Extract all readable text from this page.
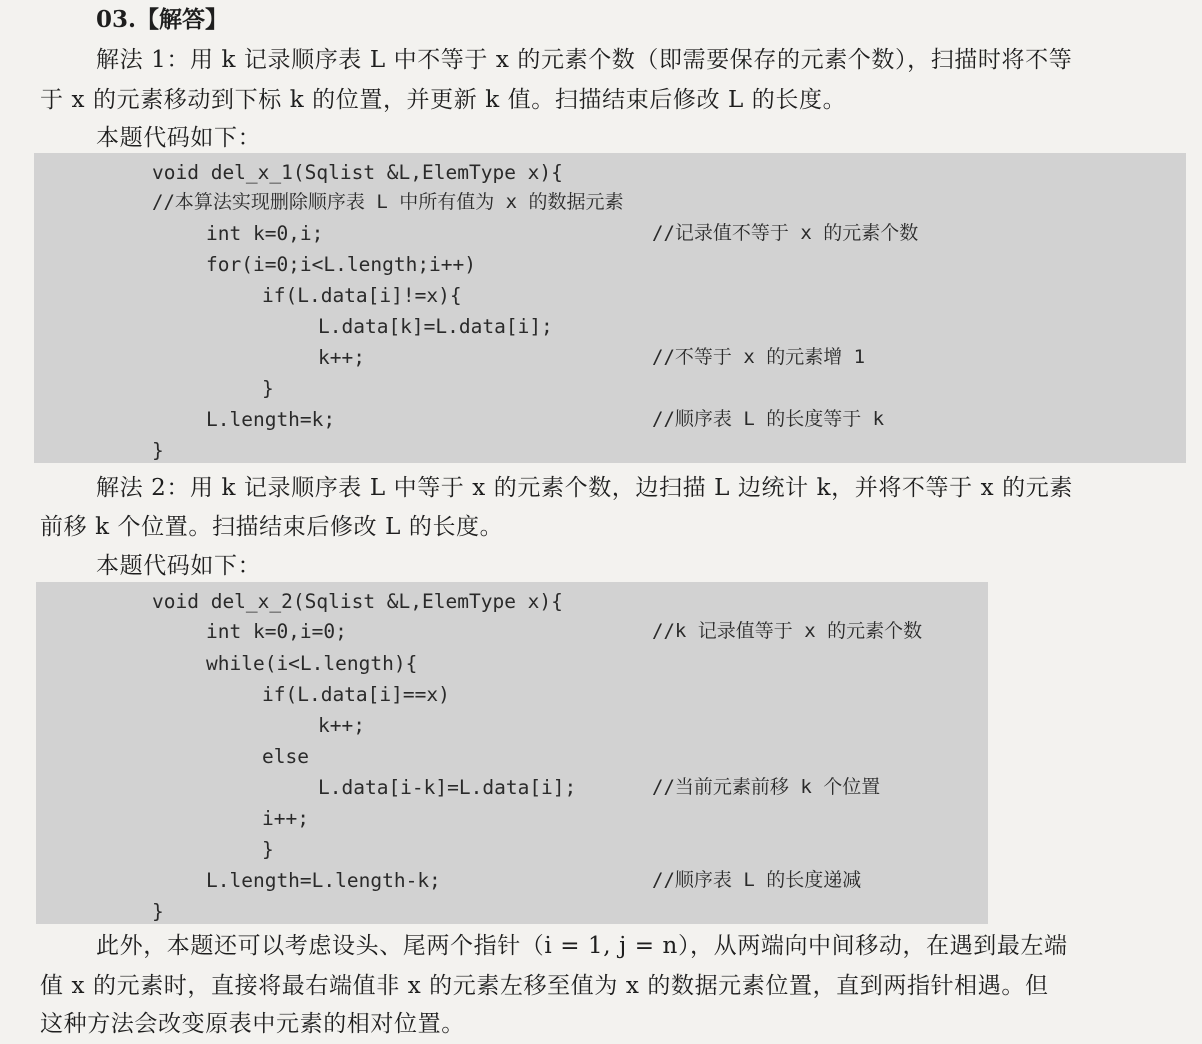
03.【解答】
解法 1：用 k 记录顺序表 L 中不等于 x 的元素个数（即需要保存的元素个数），扫描时将不等
于 x 的元素移动到下标 k 的位置，并更新 k 值。扫描结束后修改 L 的长度。
本题代码如下：
void del_x_1(Sqlist &L,ElemType x){
//本算法实现删除顺序表 L 中所有值为 x 的数据元素
int k=0,i;	//记录值不等于 x 的元素个数
for(i=0;i<L.length;i++)
if(L.data[i]!=x){
L.data[k]=L.data[i];
k++;	//不等于 x 的元素增 1
}
L.length=k;	//顺序表 L 的长度等于 k
}
解法 2：用 k 记录顺序表 L 中等于 x 的元素个数，边扫描 L 边统计 k，并将不等于 x 的元素
前移 k 个位置。扫描结束后修改 L 的长度。
本题代码如下：
void del_x_2(Sqlist &L,ElemType x){
int k=0,i=0;	//k 记录值等于 x 的元素个数
while(i<L.length){
if(L.data[i]==x)
k++;
else
L.data[i-k]=L.data[i];	//当前元素前移 k 个位置
i++;
}
L.length=L.length-k;	//顺序表 L 的长度递减
}
此外，本题还可以考虑设头、尾两个指针（i = 1, j = n），从两端向中间移动，在遇到最左端
值 x 的元素时，直接将最右端值非 x 的元素左移至值为 x 的数据元素位置，直到两指针相遇。但
这种方法会改变原表中元素的相对位置。
